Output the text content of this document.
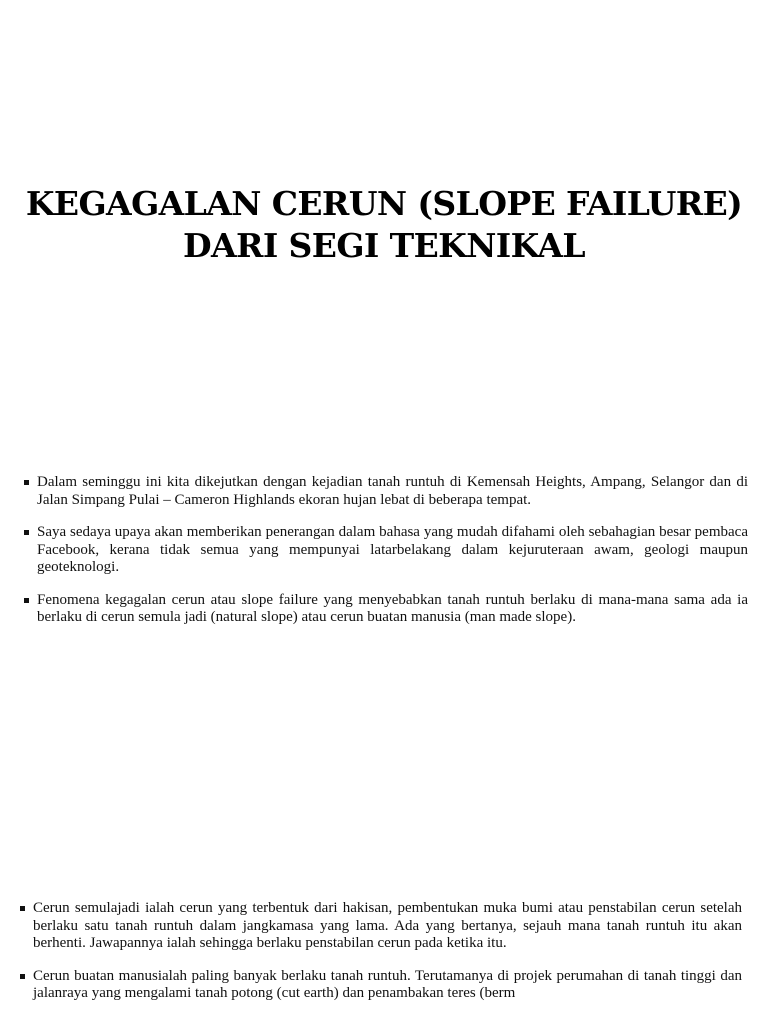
KEGAGALAN CERUN (SLOPE FAILURE)
DARI SEGI TEKNIKAL
Dalam seminggu ini kita dikejutkan dengan kejadian tanah runtuh di Kemensah Heights, Ampang, Selangor dan di Jalan Simpang Pulai – Cameron Highlands ekoran hujan lebat di beberapa tempat.
Saya sedaya upaya akan memberikan penerangan dalam bahasa yang mudah difahami oleh sebahagian besar pembaca Facebook, kerana tidak semua yang mempunyai latarbelakang dalam kejuruteraan awam, geologi maupun geoteknologi.
Fenomena kegagalan cerun atau slope failure yang menyebabkan tanah runtuh berlaku di mana-mana sama ada ia berlaku di cerun semula jadi (natural slope) atau cerun buatan manusia (man made slope).
Cerun semulajadi ialah cerun yang terbentuk dari hakisan, pembentukan muka bumi atau penstabilan cerun setelah berlaku satu tanah runtuh dalam jangkamasa yang lama. Ada yang bertanya, sejauh mana tanah runtuh itu akan berhenti. Jawapannya ialah sehingga berlaku penstabilan cerun pada ketika itu.
Cerun buatan manusialah paling banyak berlaku tanah runtuh. Terutamanya di projek perumahan di tanah tinggi dan jalanraya yang mengalami tanah potong (cut earth) dan penambakan teres (berm
